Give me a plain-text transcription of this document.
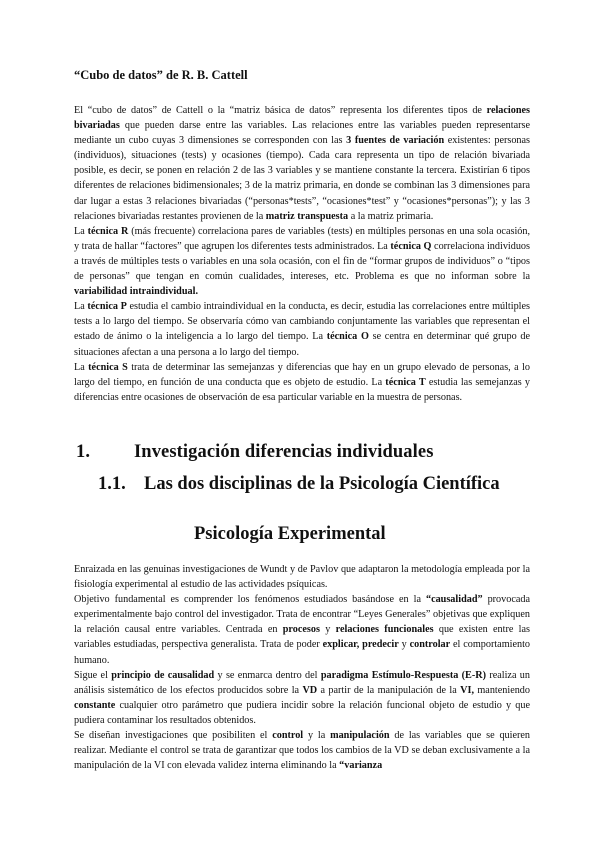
“Cubo de datos” de R. B. Cattell

El “cubo de datos” de Cattell o la “matriz básica de datos” representa los diferentes tipos de relaciones bivariadas que pueden darse entre las variables. Las relaciones entre las variables pueden representarse mediante un cubo cuyas 3 dimensiones se corresponden con las 3 fuentes de variación existentes: personas (individuos), situaciones (tests) y ocasiones (tiempo). Cada cara representa un tipo de relación bivariada posible, es decir, se ponen en relación 2 de las 3 variables y se mantiene constante la tercera. Existirían 6 tipos diferentes de relaciones bidimensionales; 3 de la matriz primaria, en donde se combinan las 3 dimensiones para dar lugar a estas 3 relaciones bivariadas (“personas*tests”, “ocasiones*test” y “ocasiones*personas”); y las 3 relaciones bivariadas restantes provienen de la matriz transpuesta a la matriz primaria.

La técnica R (más frecuente) correlaciona pares de variables (tests) en múltiples personas en una sola ocasión, y trata de hallar “factores” que agrupen los diferentes tests administrados. La técnica Q correlaciona individuos a través de múltiples tests o variables en una sola ocasión, con el fin de “formar grupos de individuos” o “tipos de personas” que tengan en común cualidades, intereses, etc. Problema es que no informan sobre la variabilidad intraindividual.

La técnica P estudia el cambio intraindividual en la conducta, es decir, estudia las correlaciones entre múltiples tests a lo largo del tiempo. Se observaría cómo van cambiando conjuntamente las variables que representan el estado de ánimo o la inteligencia a lo largo del tiempo. La técnica O se centra en determinar qué grupo de situaciones afectan a una persona a lo largo del tiempo.

La técnica S trata de determinar las semejanzas y diferencias que hay en un grupo elevado de personas, a lo largo del tiempo, en función de una conducta que es objeto de estudio. La técnica T estudia las semejanzas y diferencias entre ocasiones de observación de esa particular variable en la muestra de personas.

1. Investigación diferencias individuales
1.1. Las dos disciplinas de la Psicología Científica
Psicología Experimental

Enraizada en las genuinas investigaciones de Wundt y de Pavlov que adaptaron la metodología empleada por la fisiología experimental al estudio de las actividades psíquicas.

Objetivo fundamental es comprender los fenómenos estudiados basándose en la “causalidad” provocada experimentalmente bajo control del investigador. Trata de encontrar “Leyes Generales” objetivas que expliquen la relación causal entre variables. Centrada en procesos y relaciones funcionales que existen entre las variables estudiadas, perspectiva generalista. Trata de poder explicar, predecir y controlar el comportamiento humano.

Sigue el principio de causalidad y se enmarca dentro del paradigma Estímulo-Respuesta (E-R) realiza un análisis sistemático de los efectos producidos sobre la VD a partir de la manipulación de la VI, manteniendo constante cualquier otro parámetro que pudiera incidir sobre la relación funcional objeto de estudio y que pudiera contaminar los resultados obtenidos.

Se diseñan investigaciones que posibiliten el control y la manipulación de las variables que se quieren realizar. Mediante el control se trata de garantizar que todos los cambios de la VD se deban exclusivamente a la manipulación de la VI con elevada validez interna eliminando la “varianza
